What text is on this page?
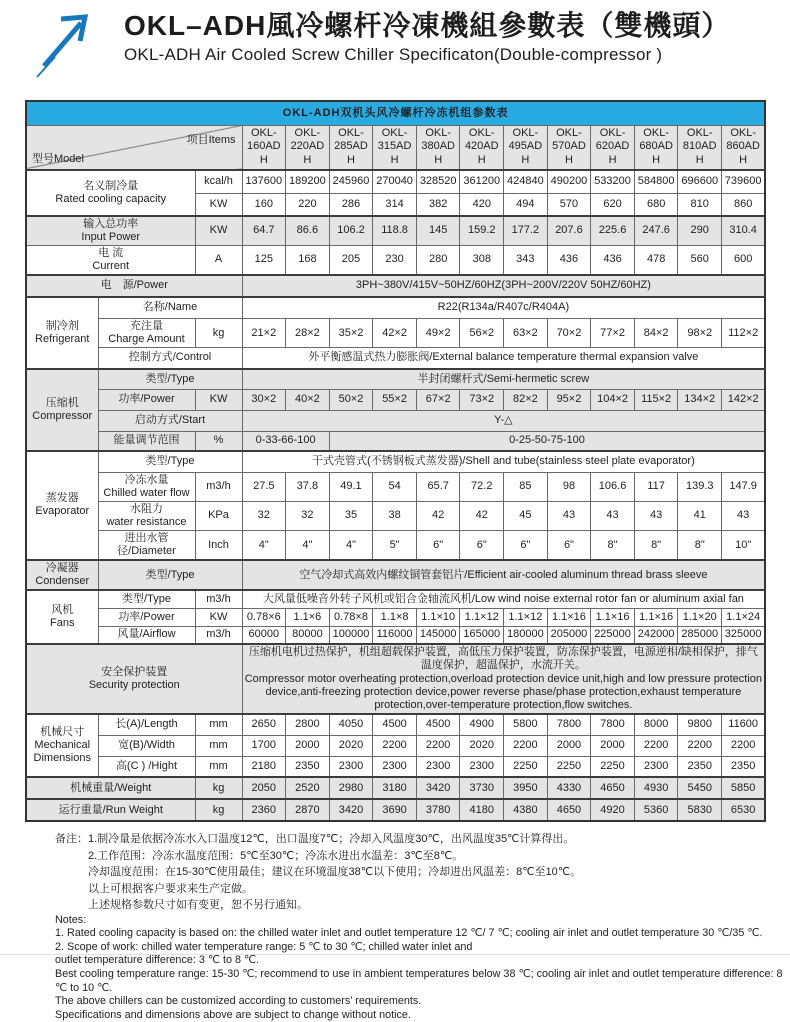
OKL–ADH風冷螺杆冷凍機組參數表（雙機頭）
OKL-ADH Air Cooled Screw Chiller Specificaton(Double-compressor )
OKL-ADH双机头风冷螺杆冷冻机组参数表														

型号Model
项目Items

OKL-
160ADH

OKL-
220ADH

OKL-
285ADH

OKL-
315ADH

OKL-
380ADH

OKL-
420ADH

OKL-
495ADH

OKL-
570ADH

OKL-
620ADH

OKL-
680ADH

OKL-
810ADH

OKL-
860ADH

名义制冷量
Rated cooling capacity		kcal/h	137600	189200	245960	270040	328520	361200	424840	490200	533200	584800	696600	739600
		KW	160	220	286	314	382	420	494	570	620	680	810	860

输入总功率
Input Power		KW	64.7	86.6	106.2	118.8	145	159.2	177.2	207.6	225.6	247.6	290	310.4

电 流
Current		A	125	168	205	230	280	308	343	436	436	478	560	600
电　源/Power			3PH~380V/415V~50HZ/60HZ(3PH~200V/220V 50HZ/60HZ)											

制冷剂
Refrigerant	名称/Name		R22(R134a/R407c/R404A)											

	充注量
Charge Amount	kg	21×2	28×2	35×2	42×2	49×2	56×2	63×2	70×2	77×2	84×2	98×2	112×2
	控制方式/Control		外平衡感温式热力膨胀阀/External balance temperature thermal expansion valve											

压缩机
Compressor	类型/Type		半封闭螺杆式/Semi-hermetic screw											
	功率/Power	KW	30×2	40×2	50×2	55×2	67×2	73×2	82×2	95×2	104×2	115×2	134×2	142×2
	启动方式/Start		Y-△											
	能量调节范围	%	0-33-66-100		0-25-50-75-100									

蒸发器
Evaporator	类型/Type		干式壳管式(不锈钢板式蒸发器)/Shell and tube(stainless steel plate evaporator)											

	冷冻水量
Chilled water flow	m3/h	27.5	37.8	49.1	54	65.7	72.2	85	98	106.6	117	139.3	147.9

	水阻力
water resistance	KPa	32	32	35	38	42	42	45	43	43	43	41	43
	进出水管径/Diameter	Inch	4"	4"	4"	5"	6"	6"	6"	6"	8"	8"	8"	10"

冷凝器
Condenser	类型/Type		空气冷却式高效内螺纹铜管套铝片/Efficient air-cooled aluminum thread brass sleeve											

风机
Fans	类型/Type	m3/h	大风量低噪音外转子风机或铝合金轴流风机/Low wind noise external rotor fan or aluminum axial fan											
	功率/Power	KW	0.78×6	1.1×6	0.78×8	1.1×8	1.1×10	1.1×12	1.1×12	1.1×16	1.1×16	1.1×16	1.1×20	1.1×24
	风量/Airflow	m3/h	60000	80000	100000	116000	145000	165000	180000	205000	225000	242000	285000	325000

安全保护装置
Security protection

压缩机电机过热保护，机组超载保护装置，高低压力保护装置，防冻保护装置，电源逆相/缺相保护，排气温度保护，超温保护，水流开关。
Compressor motor overheating protection,overload protection device unit,high and low pressure protection device,anti-freezing protection device,power reverse phase/phase protection,exhaust temperature protection,over-temperature protection,flow switches.

机械尺寸
Mechanical
Dimensions	长(A)/Length	mm	2650	2800	4050	4500	4500	4900	5800	7800	7800	8000	9800	11600
	宽(B)/Width	mm	1700	2000	2020	2200	2200	2020	2200	2000	2000	2200	2200	2200
	高(C ) /Hight	mm	2180	2350	2300	2300	2300	2300	2250	2250	2250	2300	2350	2350
机械重量/Weight		kg	2050	2520	2980	3180	3420	3730	3950	4330	4650	4930	5450	5850
运行重量/Run Weight		kg	2360	2870	3420	3690	3780	4180	4380	4650	4920	5360	5830	6530
备注：1.制冷量是依据冷冻水入口温度12℃，出口温度7℃；冷却入风温度30℃，出风温度35℃计算得出。
2.工作范围：冷冻水温度范围：5℃至30℃；冷冻水进出水温差：3℃至8℃。
冷却温度范围：在15-30℃使用最佳；建议在环境温度38℃以下使用；冷却进出风温差：8℃至10℃。
以上可根据客户要求来生产定做。
上述规格参数尺寸如有变更，恕不另行通知。
Notes:
1. Rated cooling capacity is based on: the chilled water inlet and outlet temperature 12 ℃/ 7 ℃; cooling air inlet and outlet temperature 30 ℃/35 ℃.
2. Scope of work: chilled water temperature range: 5 ℃ to 30 ℃; chilled water inlet and
outlet temperature difference: 3 ℃ to 8 ℃.
Best cooling temperature range: 15-30 ℃; recommend to use in ambient temperatures below 38 ℃; cooling air inlet and outlet temperature difference: 8 ℃ to 10 ℃.
The above chillers can be customized according to customers’ requirements.
Specifications and dimensions above are subject to change without notice.
